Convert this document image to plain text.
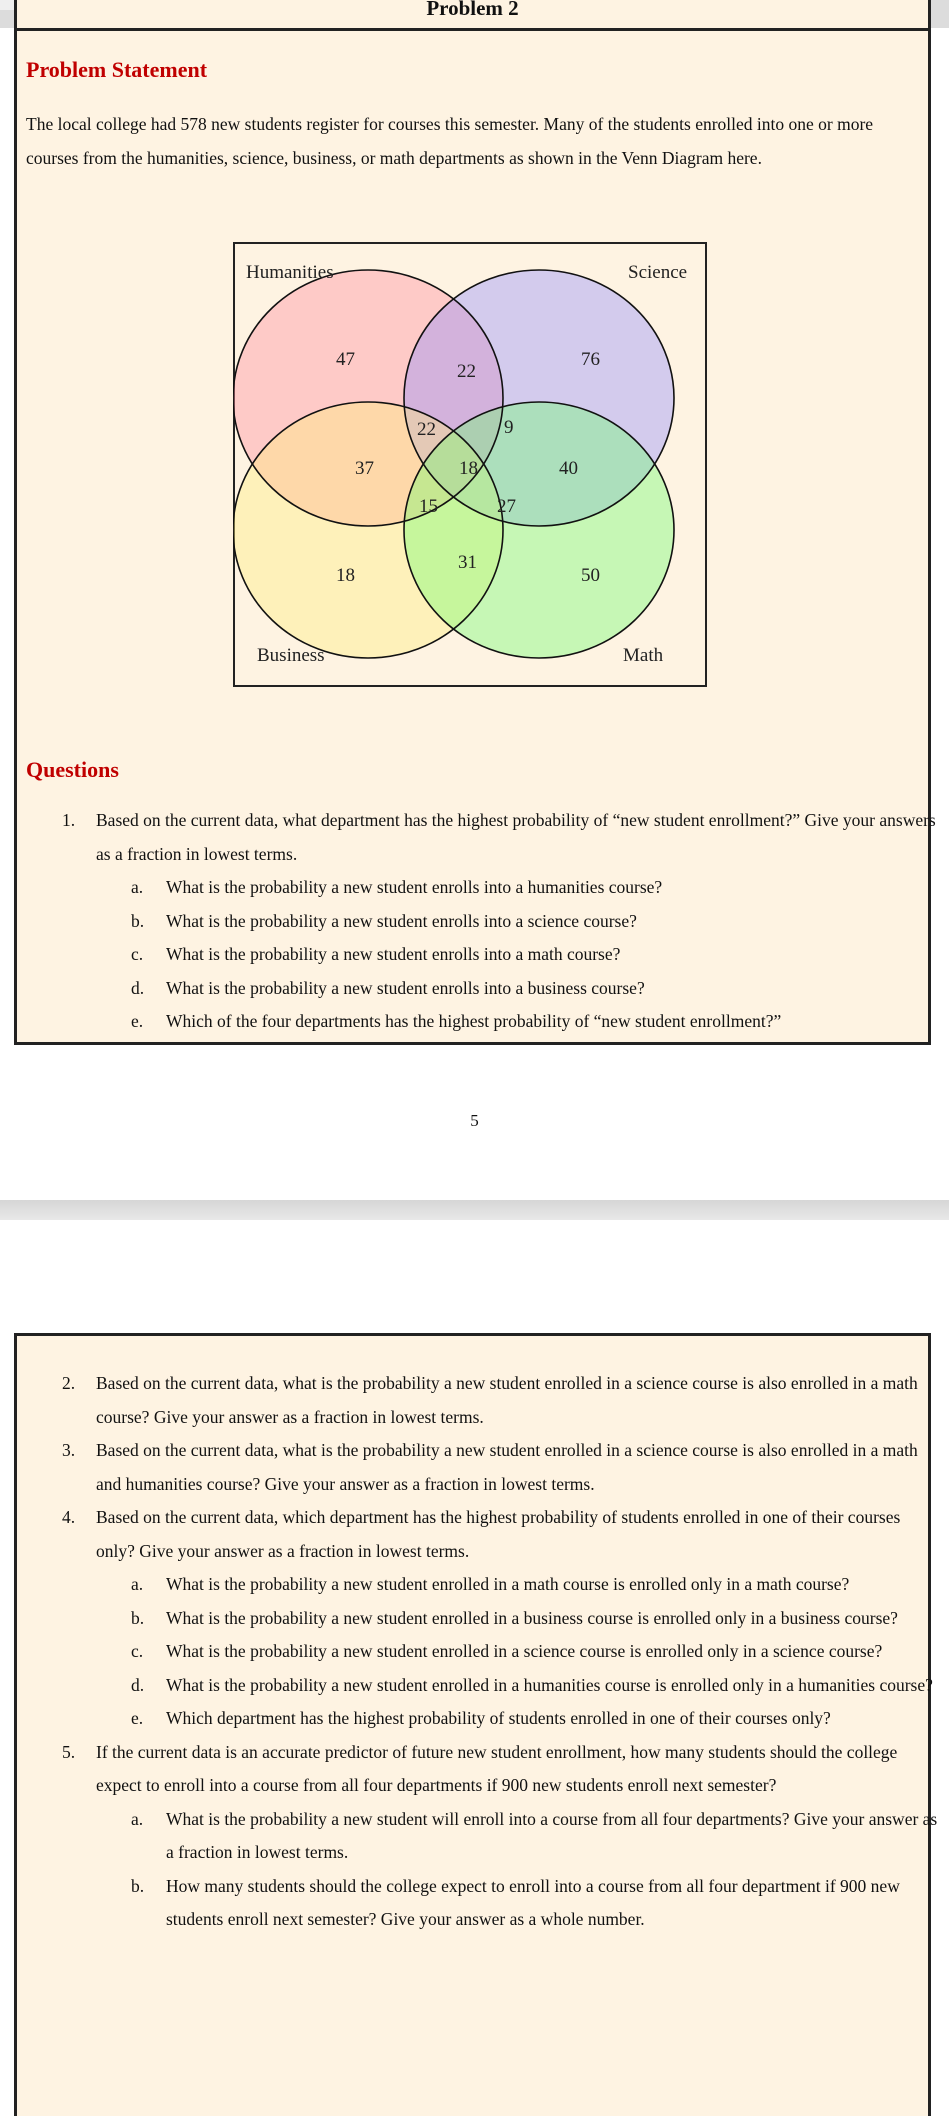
Problem 2
Problem Statement
The local college had 578 new students register for courses this semester. Many of the students enrolled into one or more courses from the humanities, science, business, or math departments as shown in the Venn Diagram here.
Humanities	Science
Business	Math
47	76
22
22	9
37	18	40
15	27
31
18	50
Questions
1. Based on the current data, what department has the highest probability of “new student enrollment?” Give your answers as a fraction in lowest terms.
a. What is the probability a new student enrolls into a humanities course?
b. What is the probability a new student enrolls into a science course?
c. What is the probability a new student enrolls into a math course?
d. What is the probability a new student enrolls into a business course?
e. Which of the four departments has the highest probability of “new student enrollment?”
5
2. Based on the current data, what is the probability a new student enrolled in a science course is also enrolled in a math course? Give your answer as a fraction in lowest terms.
3. Based on the current data, what is the probability a new student enrolled in a science course is also enrolled in a math and humanities course? Give your answer as a fraction in lowest terms.
4. Based on the current data, which department has the highest probability of students enrolled in one of their courses only? Give your answer as a fraction in lowest terms.
a. What is the probability a new student enrolled in a math course is enrolled only in a math course?
b. What is the probability a new student enrolled in a business course is enrolled only in a business course?
c. What is the probability a new student enrolled in a science course is enrolled only in a science course?
d. What is the probability a new student enrolled in a humanities course is enrolled only in a humanities course?
e. Which department has the highest probability of students enrolled in one of their courses only?
5. If the current data is an accurate predictor of future new student enrollment, how many students should the college expect to enroll into a course from all four departments if 900 new students enroll next semester?
a. What is the probability a new student will enroll into a course from all four departments? Give your answer as a fraction in lowest terms.
b. How many students should the college expect to enroll into a course from all four department if 900 new students enroll next semester? Give your answer as a whole number.
